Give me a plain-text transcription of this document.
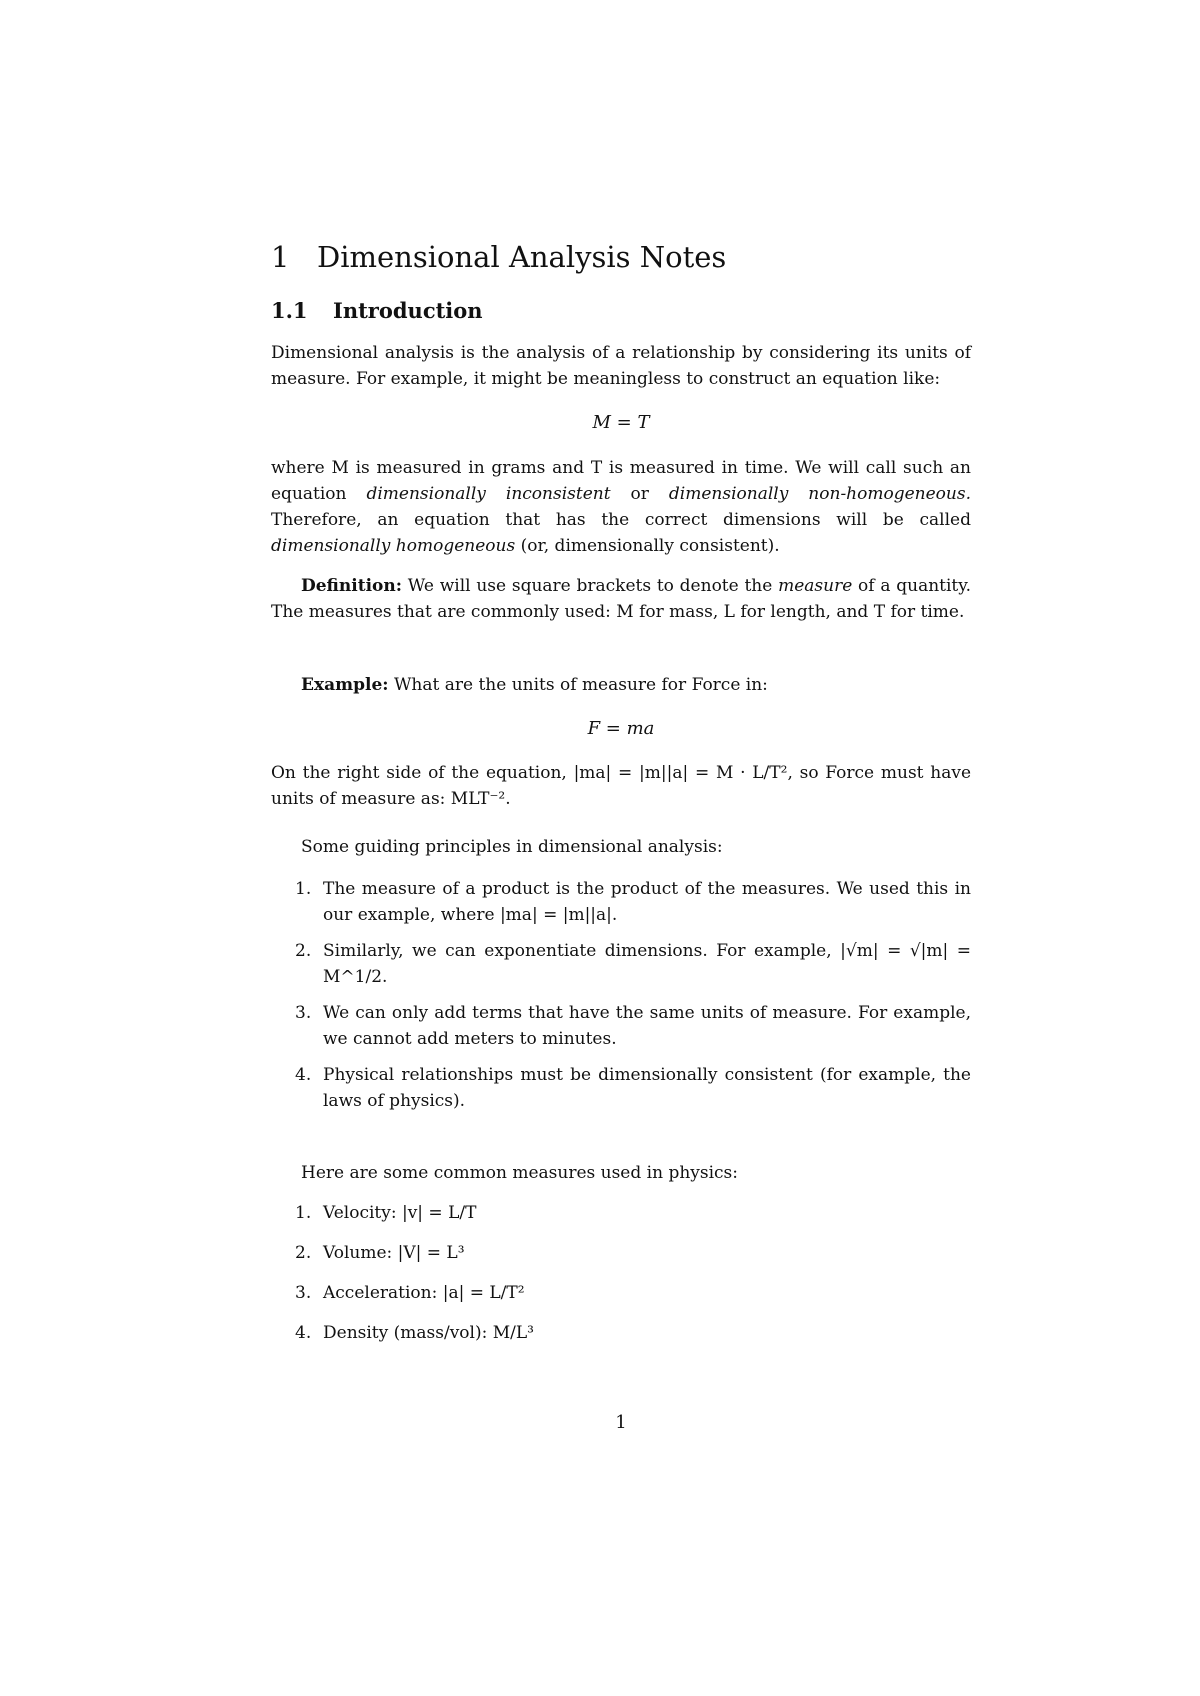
1 Dimensional Analysis Notes
1.1 Introduction

Dimensional analysis is the analysis of a relationship by considering its units of measure. For example, it might be meaningless to construct an equation like:

M = T

where M is measured in grams and T is measured in time. We will call such an equation dimensionally inconsistent or dimensionally non-homogeneous. Therefore, an equation that has the correct dimensions will be called dimensionally homogeneous (or, dimensionally consistent).

Definition: We will use square brackets to denote the measure of a quantity. The measures that are commonly used: M for mass, L for length, and T for time.

Example: What are the units of measure for Force in:

F = ma

On the right side of the equation, |ma| = |m||a| = M · L/T², so Force must have units of measure as: MLT⁻².

Some guiding principles in dimensional analysis:

1. The measure of a product is the product of the measures. We used this in our example, where |ma| = |m||a|.
2. Similarly, we can exponentiate dimensions. For example, |√m| = √|m| = M^1/2.
3. We can only add terms that have the same units of measure. For example, we cannot add meters to minutes.
4. Physical relationships must be dimensionally consistent (for example, the laws of physics).

Here are some common measures used in physics:

1. Velocity: |v| = L/T
2. Volume: |V| = L³
3. Acceleration: |a| = L/T²
4. Density (mass/vol): M/L³
1
